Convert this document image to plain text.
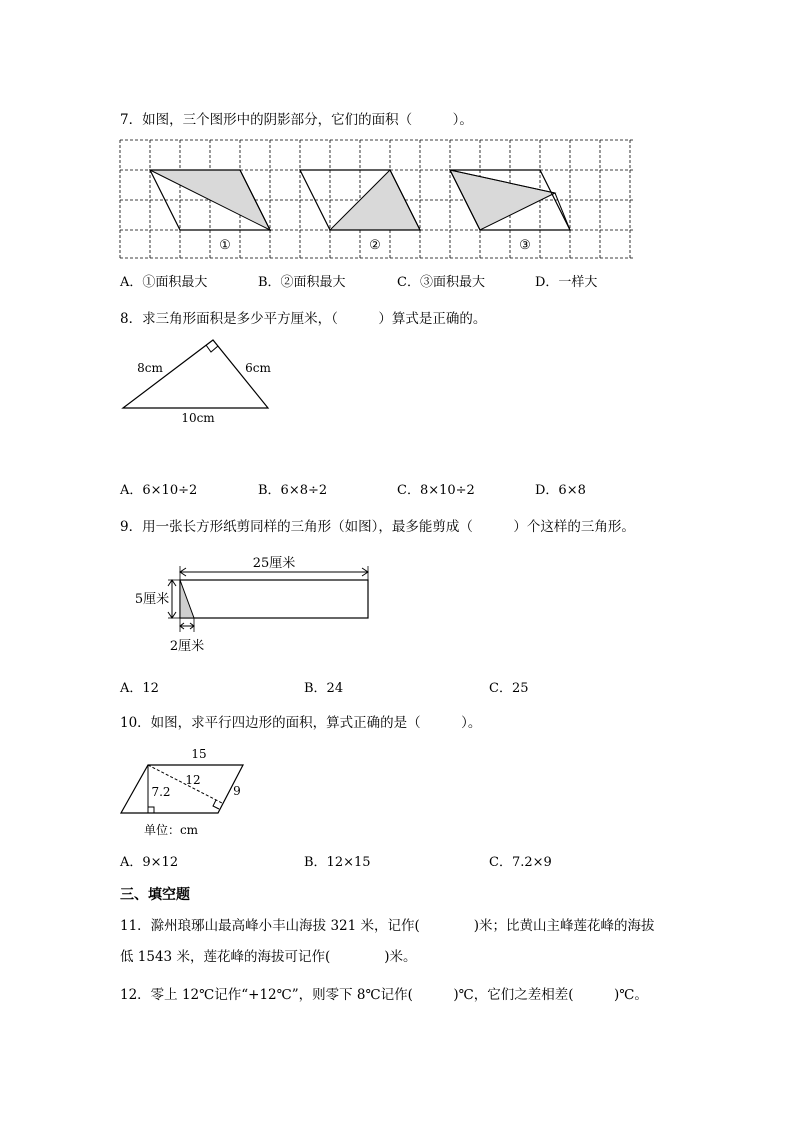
7．如图，三个图形中的阴影部分，它们的面积（　　　）。
①	②	③
A．①面积最大	B．②面积最大	C．③面积最大	D．一样大
8．求三角形面积是多少平方厘米，（　　　）算式是正确的。
8cm	6cm
10cm
A．6×10÷2	B．6×8÷2	C．8×10÷2	D．6×8
9．用一张长方形纸剪同样的三角形（如图），最多能剪成（　　　）个这样的三角形。
25厘米
5厘米
2厘米
A．12	B．24	C．25
10．如图，求平行四边形的面积，算式正确的是（　　　）。
15
12
9
7.2
单位：cm
A．9×12	B．12×15	C．7.2×9
三、填空题
11．滁州琅琊山最高峰小丰山海拔 321 米，记作(　　　　)米；比黄山主峰莲花峰的海拔
低 1543 米，莲花峰的海拔可记作(　　　　)米。
12．零上 12℃记作“+12℃”，则零下 8℃记作(　　　)℃，它们之差相差(　　　)℃。
